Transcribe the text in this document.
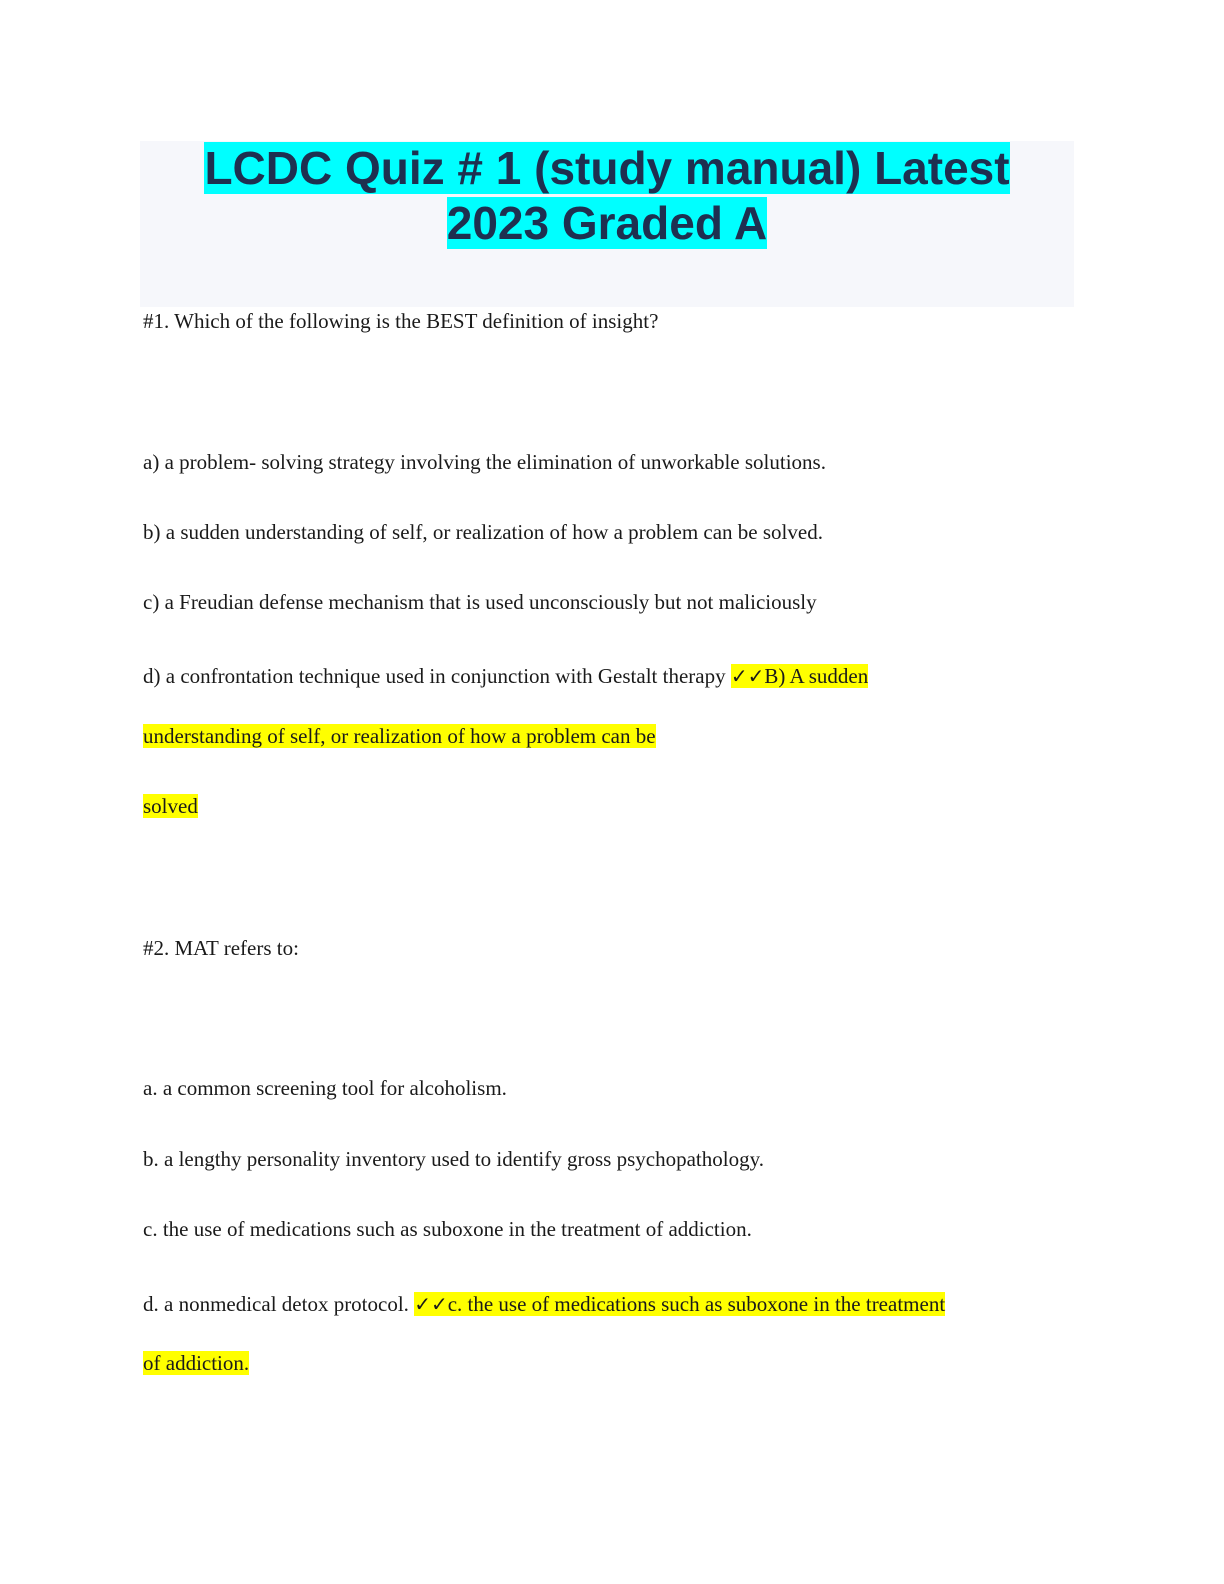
LCDC Quiz # 1 (study manual) Latest
2023 Graded A

#1. Which of the following is the BEST definition of insight?

a) a problem- solving strategy involving the elimination of unworkable solutions.

b) a sudden understanding of self, or realization of how a problem can be solved.

c) a Freudian defense mechanism that is used unconsciously but not maliciously

d) a confrontation technique used in conjunction with Gestalt therapy ✓✓B) A sudden

understanding of self, or realization of how a problem can be

solved

#2. MAT refers to:

a. a common screening tool for alcoholism.

b. a lengthy personality inventory used to identify gross psychopathology.

c. the use of medications such as suboxone in the treatment of addiction.

d. a nonmedical detox protocol. ✓✓c. the use of medications such as suboxone in the treatment

of addiction.
